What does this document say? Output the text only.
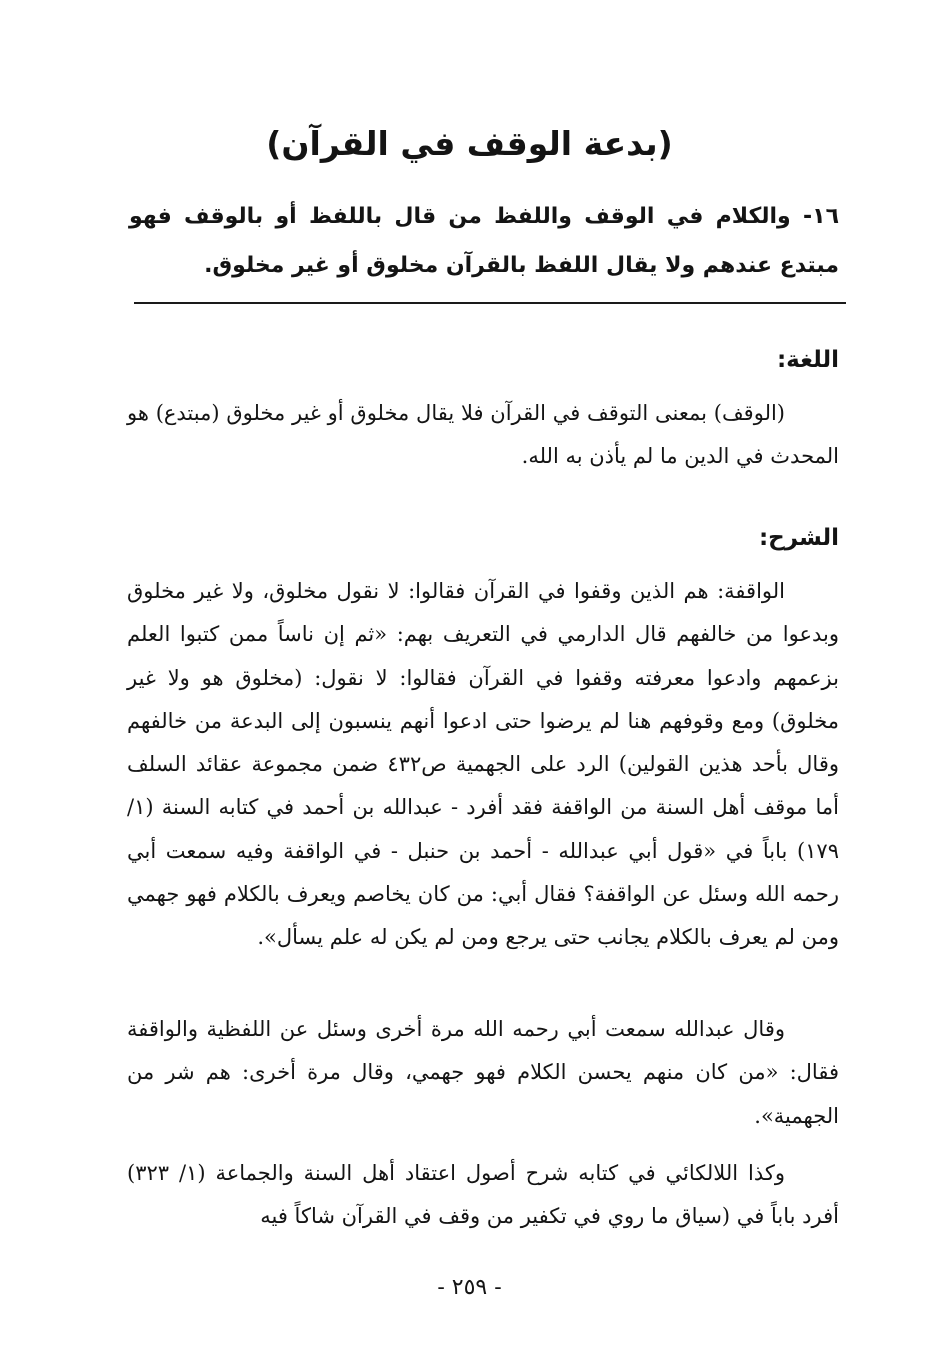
(بدعة الوقف في القرآن)

١٦- والكلام في الوقف واللفظ من قال باللفظ أو بالوقف فهو مبتدع عندهم ولا يقال اللفظ بالقرآن مخلوق أو غير مخلوق.

اللغة:

(الوقف) بمعنى التوقف في القرآن فلا يقال مخلوق أو غير مخلوق (مبتدع) هو المحدث في الدين ما لم يأذن به الله.

الشرح:

الواقفة: هم الذين وقفوا في القرآن فقالوا: لا نقول مخلوق، ولا غير مخلوق وبدعوا من خالفهم قال الدارمي في التعريف بهم: «ثم إن ناساً ممن كتبوا العلم بزعمهم وادعوا معرفته وقفوا في القرآن فقالوا: لا نقول: (مخلوق هو ولا غير مخلوق) ومع وقوفهم هنا لم يرضوا حتى ادعوا أنهم ينسبون إلى البدعة من خالفهم وقال بأحد هذين القولين) الرد على الجهمية ص٤٣٢ ضمن مجموعة عقائد السلف أما موقف أهل السنة من الواقفة فقد أفرد - عبدالله بن أحمد في كتابه السنة (١/ ١٧٩) باباً في «قول أبي عبدالله - أحمد بن حنبل - في الواقفة وفيه سمعت أبي رحمه الله وسئل عن الواقفة؟ فقال أبي: من كان يخاصم ويعرف بالكلام فهو جهمي ومن لم يعرف بالكلام يجانب حتى يرجع ومن لم يكن له علم يسأل».

وقال عبدالله سمعت أبي رحمه الله مرة أخرى وسئل عن اللفظية والواقفة فقال: «من كان منهم يحسن الكلام فهو جهمي، وقال مرة أخرى: هم شر من الجهمية».

وكذا اللالكائي في كتابه شرح أصول اعتقاد أهل السنة والجماعة (١/ ٣٢٣) أفرد باباً في (سياق ما روي في تكفير من وقف في القرآن شاكاً فيه

- ٢٥٩ -
